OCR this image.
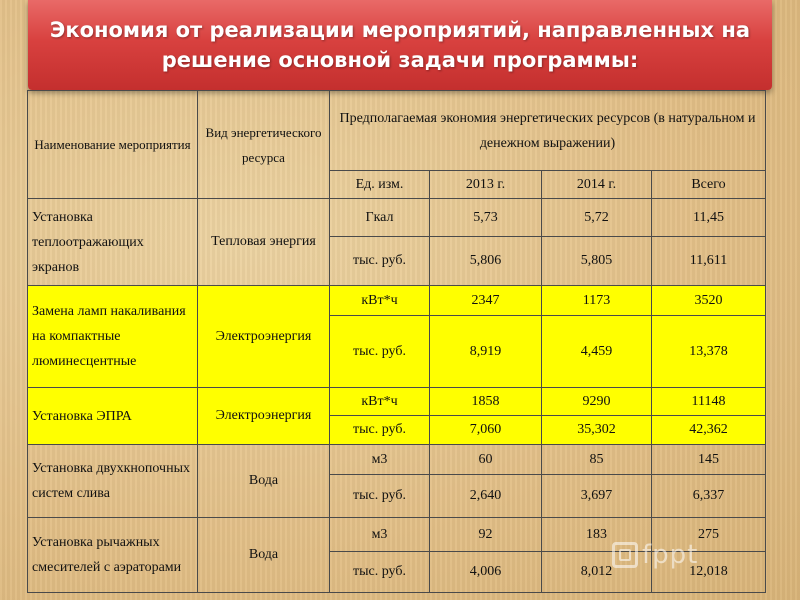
Экономия от реализации мероприятий, направленных на решение основной задачи программы:
Наименование мероприятия	Вид энергетического ресурса	Предполагаемая экономия энергетических ресурсов (в натуральном и денежном выражении)			
		Ед. изм.	2013 г.	2014 г.	Всего
Установка теплоотражающих экранов	Тепловая энергия	Гкал	5,73	5,72	11,45
		тыс. руб.	5,806	5,805	11,611
Замена ламп накаливания на компактные люминесцентные	Электроэнергия	кВт*ч	2347	1173	3520
		тыс. руб.	8,919	4,459	13,378
Установка ЭПРА	Электроэнергия	кВт*ч	1858	9290	11148
		тыс. руб.	7,060	35,302	42,362
Установка двухкнопочных систем слива	Вода	м3	60	85	145
		тыс. руб.	2,640	3,697	6,337
Установка рычажных смесителей с аэраторами	Вода	м3	92	183	275
		тыс. руб.	4,006	8,012	12,018
fppt
